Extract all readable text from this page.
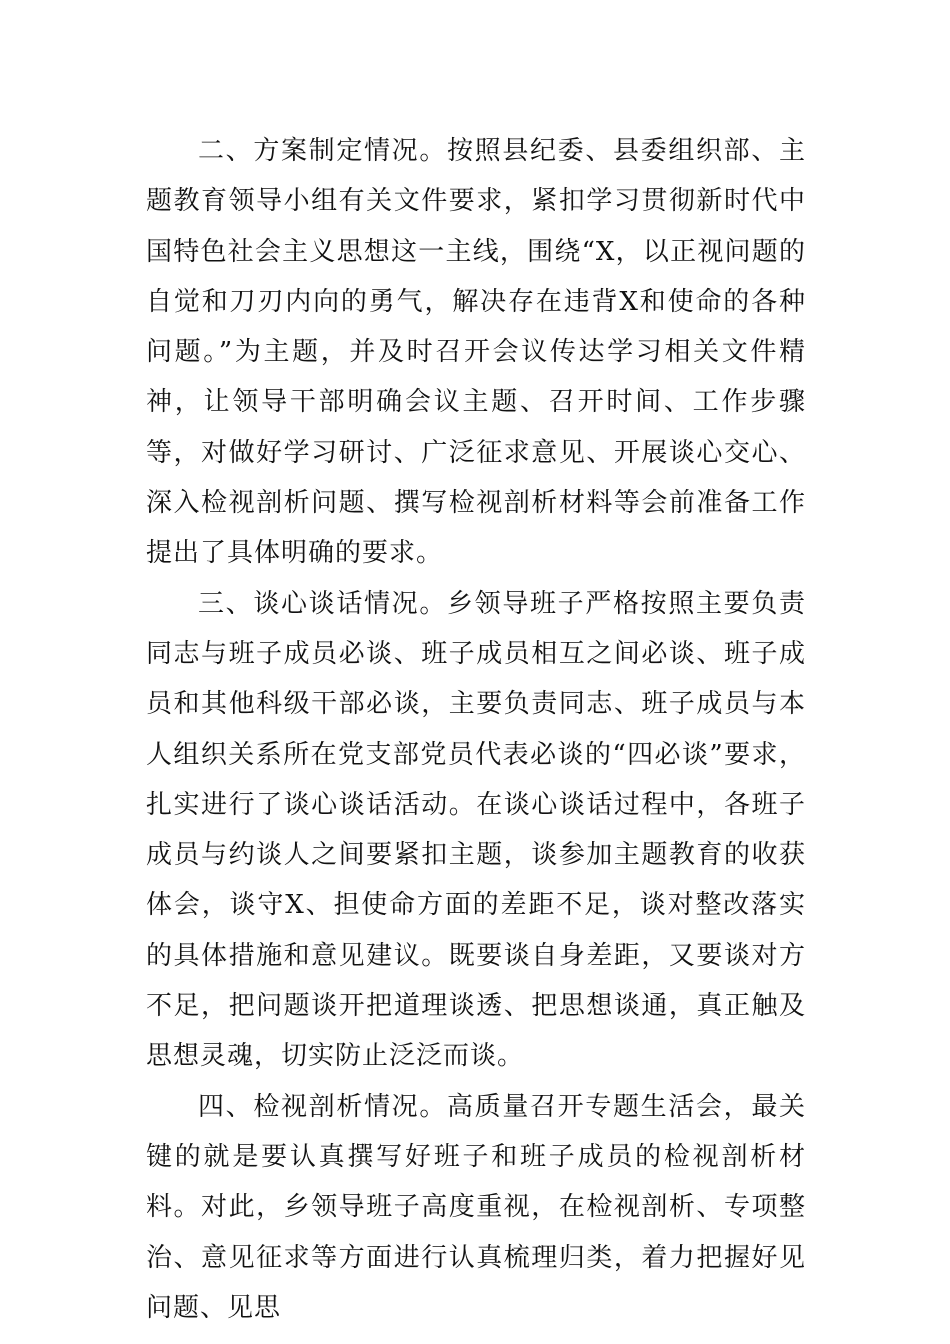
二、方案制定情况。按照县纪委、县委组织部、主题教育领导小组有关文件要求，紧扣学习贯彻新时代中国特色社会主义思想这一主线，围绕“X，以正视问题的自觉和刀刃内向的勇气，解决存在违背X和使命的各种问题。”为主题，并及时召开会议传达学习相关文件精神，让领导干部明确会议主题、召开时间、工作步骤等，对做好学习研讨、广泛征求意见、开展谈心交心、深入检视剖析问题、撰写检视剖析材料等会前准备工作提出了具体明确的要求。

三、谈心谈话情况。乡领导班子严格按照主要负责同志与班子成员必谈、班子成员相互之间必谈、班子成员和其他科级干部必谈，主要负责同志、班子成员与本人组织关系所在党支部党员代表必谈的“四必谈”要求，扎实进行了谈心谈话活动。在谈心谈话过程中，各班子成员与约谈人之间要紧扣主题，谈参加主题教育的收获体会，谈守X、担使命方面的差距不足，谈对整改落实的具体措施和意见建议。既要谈自身差距，又要谈对方不足，把问题谈开把道理谈透、把思想谈通，真正触及思想灵魂，切实防止泛泛而谈。

四、检视剖析情况。高质量召开专题生活会，最关键的就是要认真撰写好班子和班子成员的检视剖析材料。对此，乡领导班子高度重视，在检视剖析、专项整治、意见征求等方面进行认真梳理归类，着力把握好见问题、见思
